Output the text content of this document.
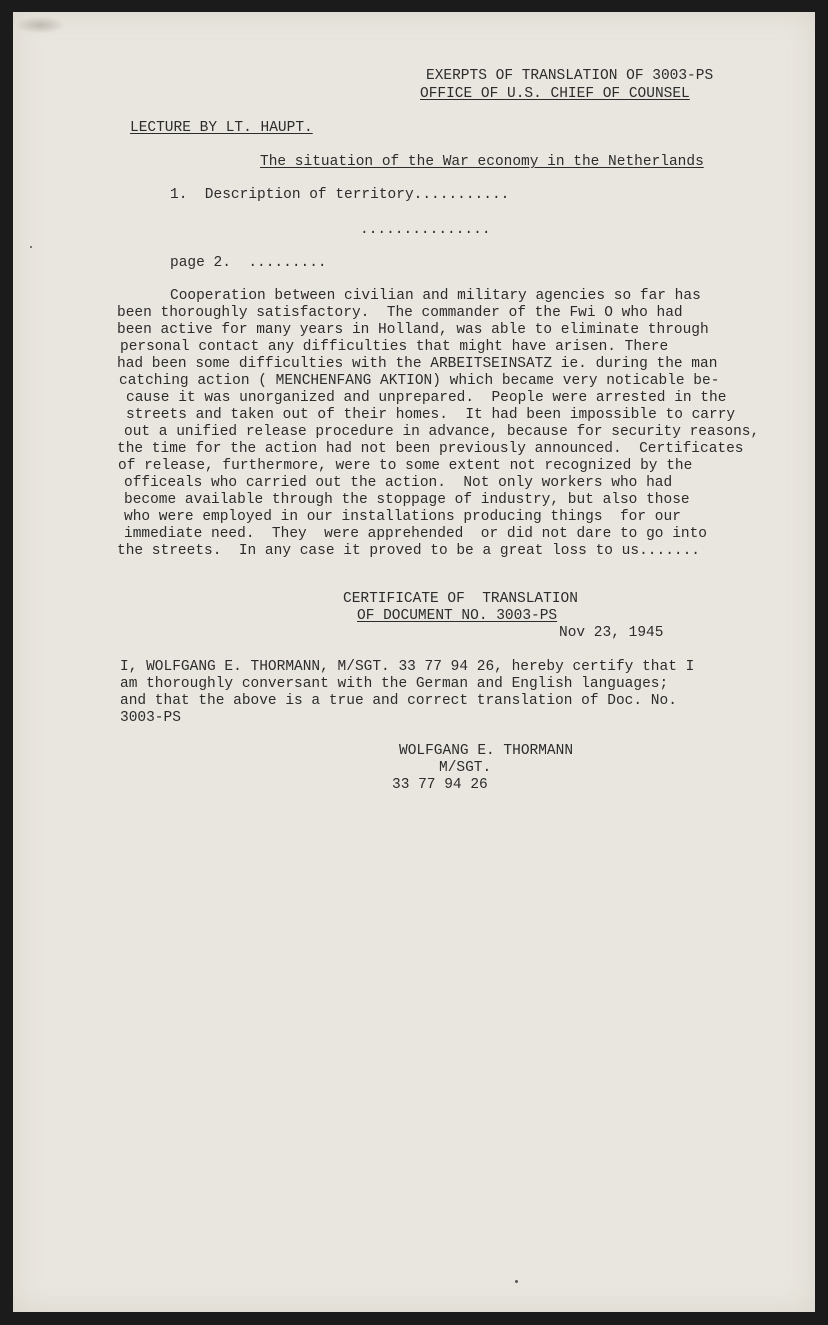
EXERPTS OF TRANSLATION OF 3003-PS
OFFICE OF U.S. CHIEF OF COUNSEL
LECTURE BY LT. HAUPT.
The situation of the War economy in the Netherlands
1.  Description of territory...........
...............
page 2.  .........

Cooperation between civilian and military agencies so far has

been thoroughly satisfactory.  The commander of the Fwi O who had

been active for many years in Holland, was able to eliminate through

personal contact any difficulties that might have arisen. There

had been some difficulties with the ARBEITSEINSATZ ie. during the man

catching action ( MENCHENFANG AKTION) which became very noticable be-

cause it was unorganized and unprepared.  People were arrested in the

streets and taken out of their homes.  It had been impossible to carry

out a unified release procedure in advance, because for security reasons,

the time for the action had not been previously announced.  Certificates

of release, furthermore, were to some extent not recognized by the

officeals who carried out the action.  Not only workers who had

become available through the stoppage of industry, but also those

who were employed in our installations producing things  for our

immediate need.  They  were apprehended  or did not dare to go into

the streets.  In any case it proved to be a great loss to us.......

CERTIFICATE OF  TRANSLATION
OF DOCUMENT NO. 3003-PS
Nov 23, 1945

I, WOLFGANG E. THORMANN, M/SGT. 33 77 94 26, hereby certify that I

am thoroughly conversant with the German and English languages;

and that the above is a true and correct translation of Doc. No.

3003-PS

WOLFGANG E. THORMANN
M/SGT.
33 77 94 26
